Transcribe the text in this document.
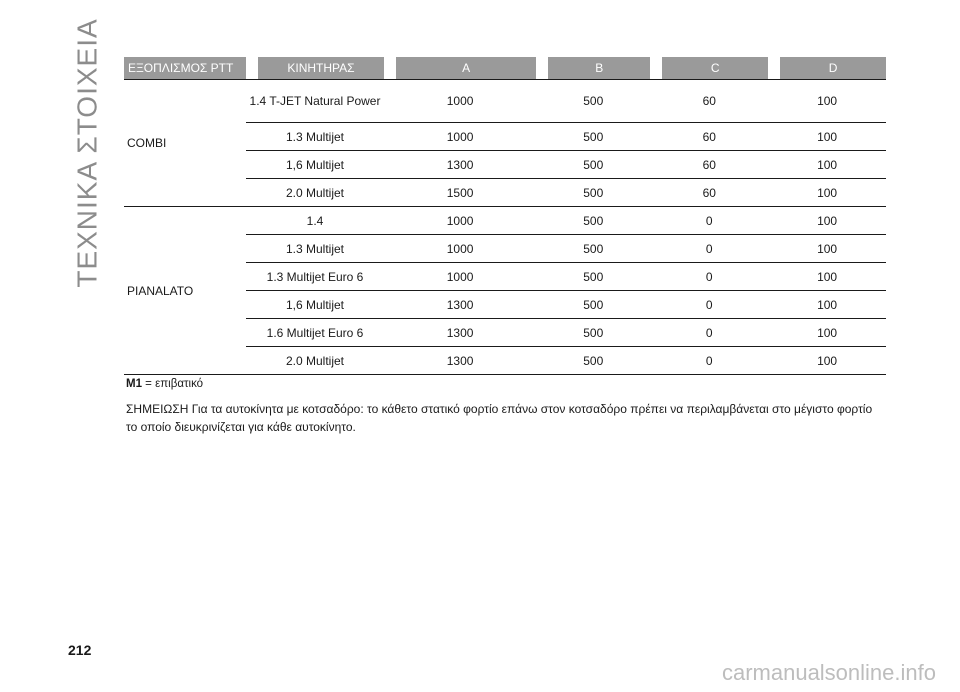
ΤΕΧΝΙΚΑ ΣΤΟΙΧΕΙΑ ΕΞΟΠΛΙΣΜΟΣ ΡΤΤ	ΚΙΝΗΤΗΡΑΣ	A	B	C	D
COMBI	1.4 T-JET Natural Power	1000	500	60	100
	1.3 Multijet	1000	500	60	100
	1,6 Multijet	1300	500	60	100
	2.0 Multijet	1500	500	60	100
PIANALATO	1.4	1000	500	0	100
	1.3 Multijet	1000	500	0	100
	1.3 Multijet Euro 6	1000	500	0	100
	1,6 Multijet	1300	500	0	100
	1.6 Multijet Euro 6	1300	500	0	100
	2.0 Multijet	1300	500	0	100
M1 = επιβατικό
ΣΗΜΕΙΩΣΗ Για τα αυτοκίνητα με κοτσαδόρο: το κάθετο στατικό φορτίο επάνω στον κοτσαδόρο πρέπει να περιλαμβάνεται στο μέγιστο φορτίο το οποίο διευκρινίζεται για κάθε αυτοκίνητο.
212
carmanualsonline.info
